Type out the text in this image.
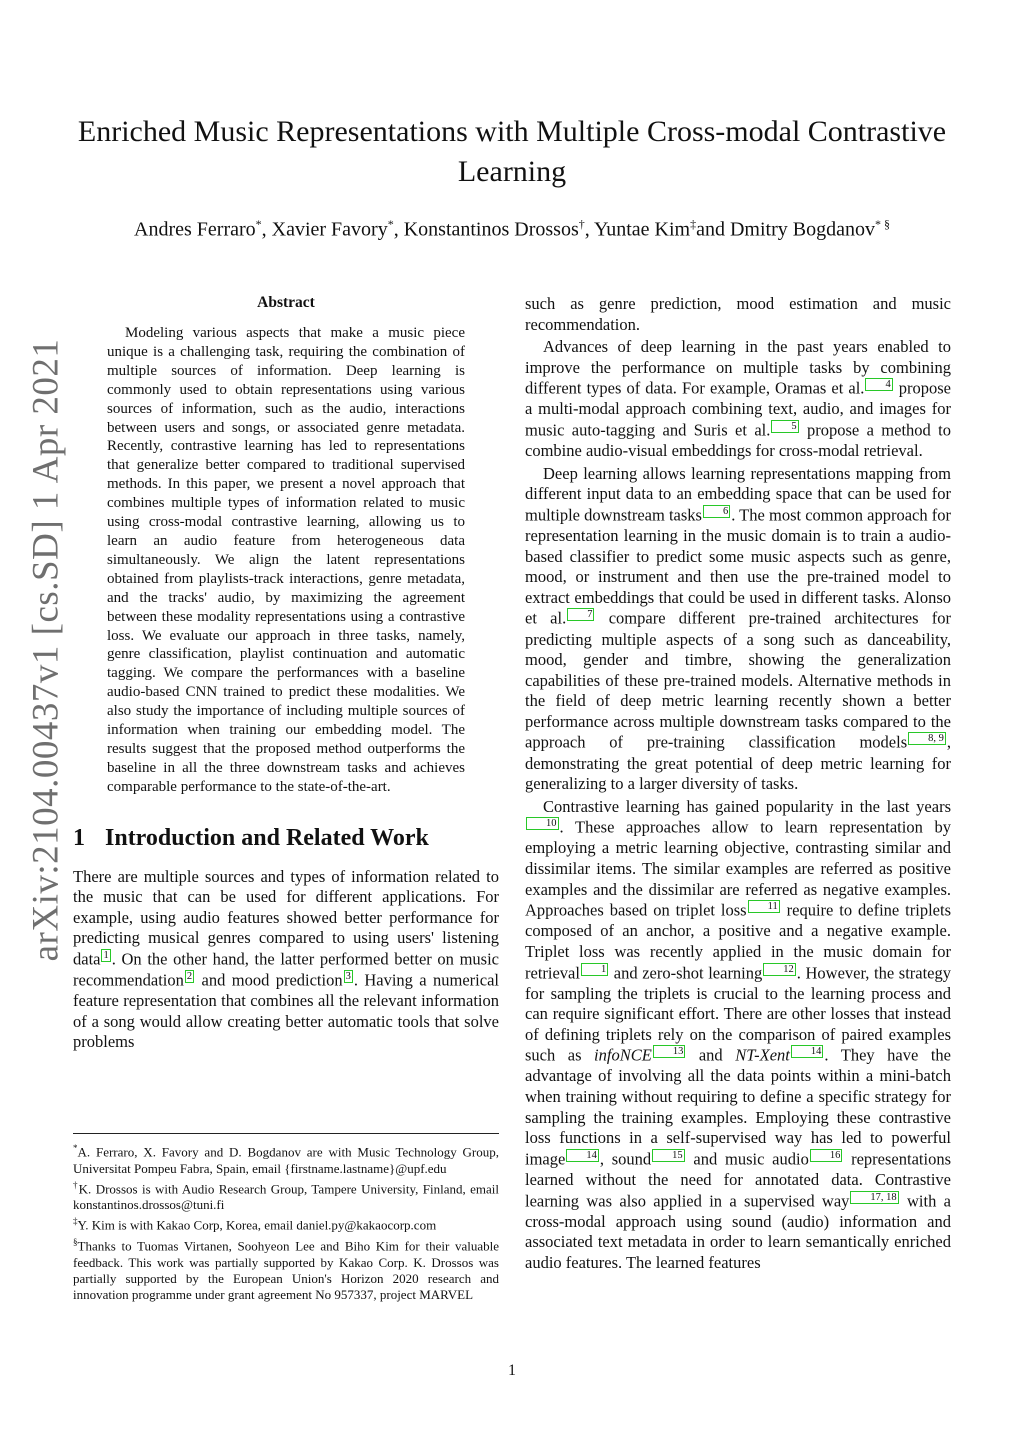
Enriched Music Representations with Multiple Cross-modal Contrastive Learning
Andres Ferraro*, Xavier Favory*, Konstantinos Drossos†, Yuntae Kim‡and Dmitry Bogdanov* §
arXiv:2104.00437v1 [cs.SD] 1 Apr 2021

Abstract

Modeling various aspects that make a music piece unique is a challenging task, requiring the combination of multiple sources of information. Deep learning is commonly used to obtain representations using various sources of information, such as the audio, interactions between users and songs, or associated genre metadata. Recently, contrastive learning has led to representations that generalize better compared to traditional supervised methods. In this paper, we present a novel approach that combines multiple types of information related to music using cross-modal contrastive learning, allowing us to learn an audio feature from heterogeneous data simultaneously. We align the latent representations obtained from playlists-track interactions, genre metadata, and the tracks' audio, by maximizing the agreement between these modality representations using a contrastive loss. We evaluate our approach in three tasks, namely, genre classification, playlist continuation and automatic tagging. We compare the performances with a baseline audio-based CNN trained to predict these modalities. We also study the importance of including multiple sources of information when training our embedding model. The results suggest that the proposed method outperforms the baseline in all the three downstream tasks and achieves comparable performance to the state-of-the-art.

1 Introduction and Related Work

There are multiple sources and types of information related to the music that can be used for different applications. For example, using audio features showed better performance for predicting musical genres compared to using users' listening data 1 . On the other hand, the latter performed better on music recommendation 2 and mood prediction 3 . Having a numerical feature representation that combines all the relevant information of a song would allow creating better automatic tools that solve problems

such as genre prediction, mood estimation and music recommendation.

Advances of deep learning in the past years enabled to improve the performance on multiple tasks by combining different types of data. For example, Oramas et al. 4 propose a multi-modal approach combining text, audio, and images for music auto-tagging and Suris et al. 5 propose a method to combine audio-visual embeddings for cross-modal retrieval.

Deep learning allows learning representations mapping from different input data to an embedding space that can be used for multiple downstream tasks 6 . The most common approach for representation learning in the music domain is to train a audio-based classifier to predict some music aspects such as genre, mood, or instrument and then use the pre-trained model to extract embeddings that could be used in different tasks. Alonso et al. 7 compare different pre-trained architectures for predicting multiple aspects of a song such as danceability, mood, gender and timbre, showing the generalization capabilities of these pre-trained models. Alternative methods in the field of deep metric learning recently shown a better performance across multiple downstream tasks compared to the approach of pre-training classification models 8, 9 , demonstrating the great potential of deep metric learning for generalizing to a larger diversity of tasks.

Contrastive learning has gained popularity in the last years10 . These approaches allow to learn representation by employing a metric learning objective, contrasting similar and dissimilar items. The similar examples are referred as positive examples and the dissimilar are referred as negative examples. Approaches based on triplet loss 11 require to define triplets composed of an anchor, a positive and a negative example. Triplet loss was recently applied in the music domain for retrieval 1 and zero-shot learning 12 . However, the strategy for sampling the triplets is crucial to the learning process and can require significant effort. There are other losses that instead of defining triplets rely on the comparison of paired examples such as infoNCE 13 and NT-Xent 14 . They have the advantage of involving all the data points within a mini-batch when training without requiring to define a specific strategy for sampling the training examples. Employing these contrastive loss functions in a self-supervised way has led to powerful image 14 , sound 15 and music audio 16 representations learned without the need for annotated data. Contrastive learning was also applied in a supervised way 17, 18 with a cross-modal approach using sound (audio) information and associated text metadata in order to learn semantically enriched audio features. The learned features

*A. Ferraro, X. Favory and D. Bogdanov are with Music Technology Group, Universitat Pompeu Fabra, Spain, email {firstname.lastname}@upf.edu

†K. Drossos is with Audio Research Group, Tampere University, Finland, email konstantinos.drossos@tuni.fi

‡Y. Kim is with Kakao Corp, Korea, email daniel.py@kakaocorp.com

§Thanks to Tuomas Virtanen, Soohyeon Lee and Biho Kim for their valuable feedback. This work was partially supported by Kakao Corp. K. Drossos was partially supported by the European Union's Horizon 2020 research and innovation programme under grant agreement No 957337, project MARVEL

1
